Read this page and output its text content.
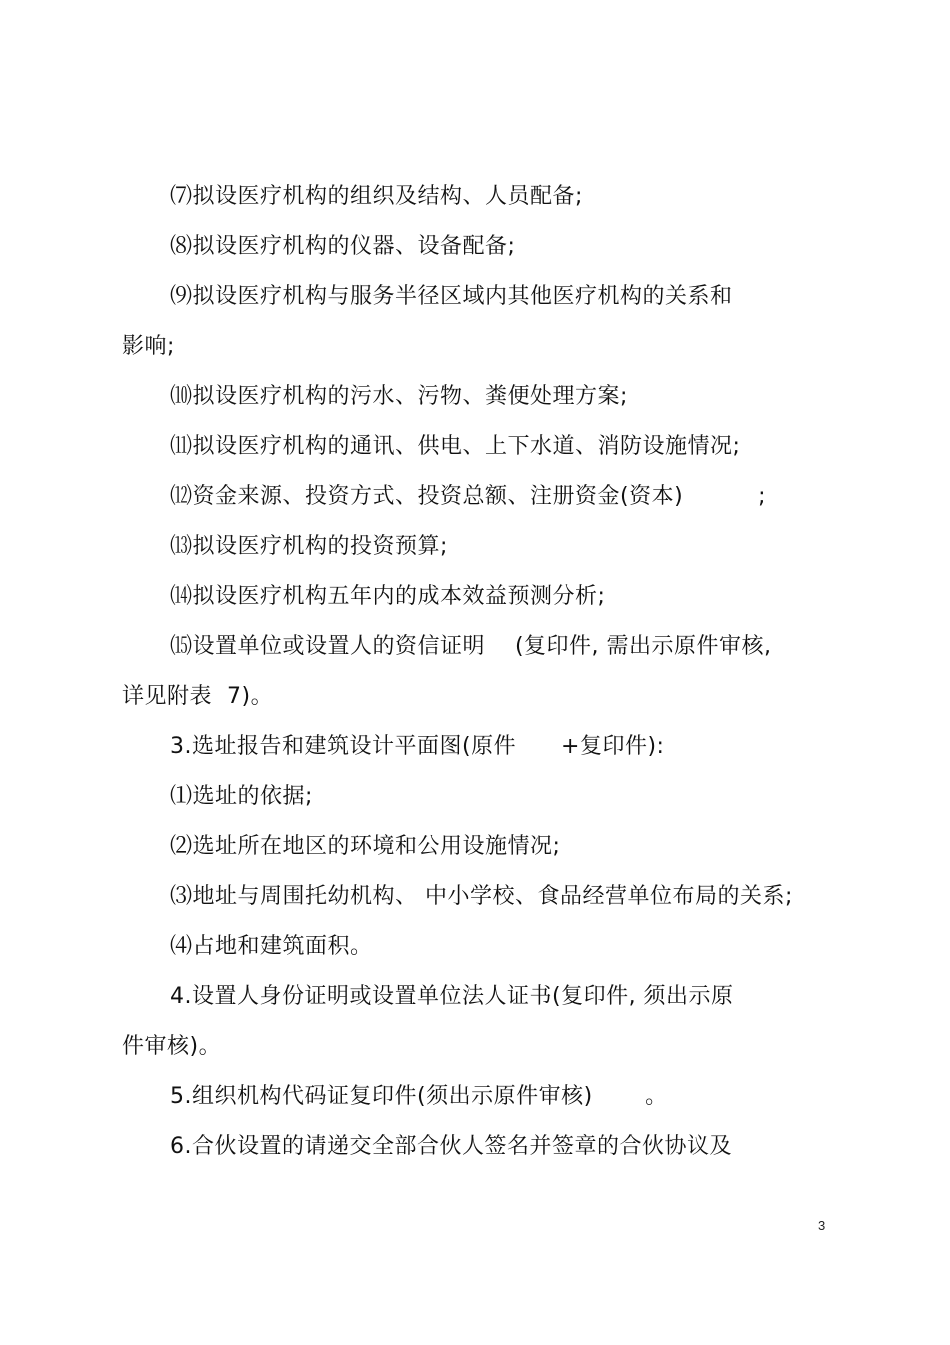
⑺拟设医疗机构的组织及结构、人员配备;
⑻拟设医疗机构的仪器、设备配备;
⑼拟设医疗机构与服务半径区域内其他医疗机构的关系和
影响;
⑽拟设医疗机构的污水、污物、粪便处理方案;
⑾拟设医疗机构的通讯、供电、上下水道、消防设施情况;
⑿资金来源、投资方式、投资总额、注册资金(资本)          ;
⒀拟设医疗机构的投资预算;
⒁拟设医疗机构五年内的成本效益预测分析;
⒂设置单位或设置人的资信证明    (复印件, 需出示原件审核,
详见附表  7)。
3.选址报告和建筑设计平面图(原件      +复印件):
⑴选址的依据;
⑵选址所在地区的环境和公用设施情况;
⑶地址与周围托幼机构、 中小学校、食品经营单位布局的关系;
⑷占地和建筑面积。
4.设置人身份证明或设置单位法人证书(复印件, 须出示原
件审核)。
5.组织机构代码证复印件(须出示原件审核)       。
6.合伙设置的请递交全部合伙人签名并签章的合伙协议及
3
